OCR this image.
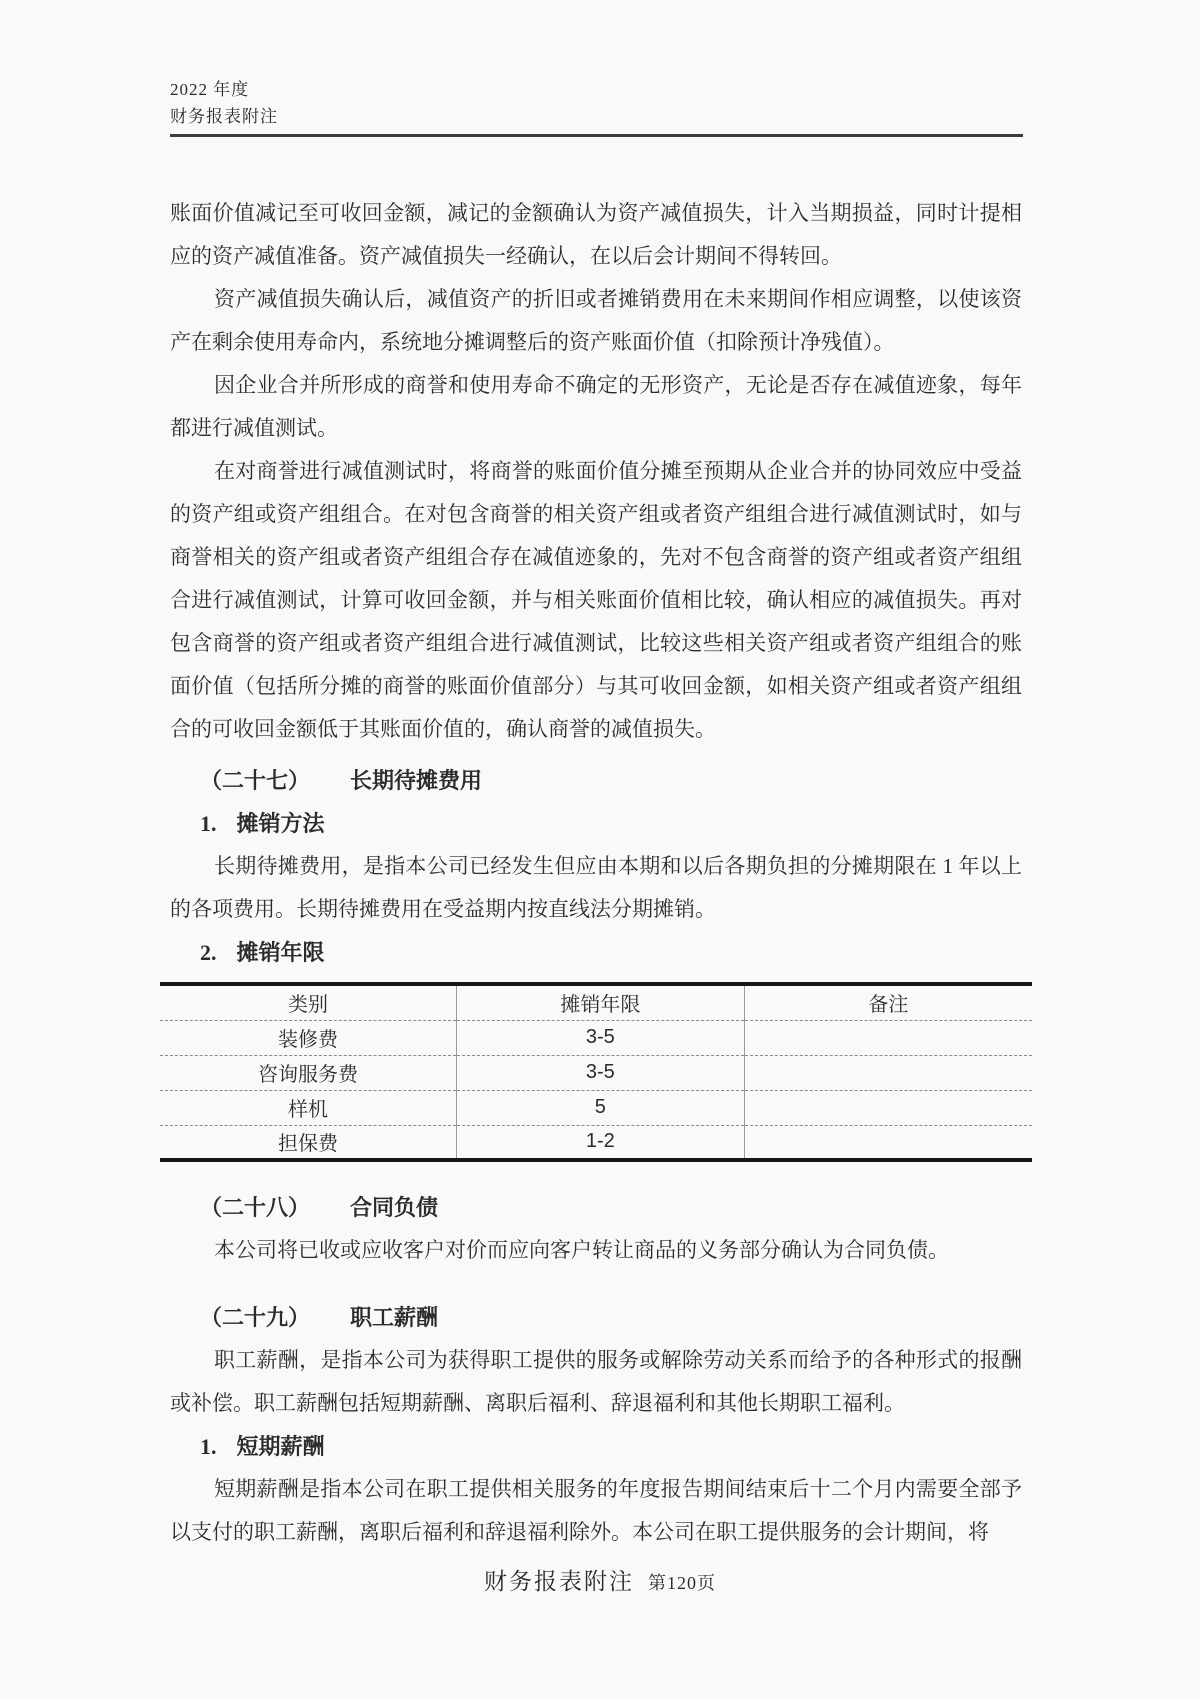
2022 年度
财务报表附注

账面价值减记至可收回金额，减记的金额确认为资产减值损失，计入当期损益，同时计提相应的资产减值准备。资产减值损失一经确认，在以后会计期间不得转回。

资产减值损失确认后，减值资产的折旧或者摊销费用在未来期间作相应调整，以使该资产在剩余使用寿命内，系统地分摊调整后的资产账面价值（扣除预计净残值）。

因企业合并所形成的商誉和使用寿命不确定的无形资产，无论是否存在减值迹象，每年都进行减值测试。

在对商誉进行减值测试时，将商誉的账面价值分摊至预期从企业合并的协同效应中受益的资产组或资产组组合。在对包含商誉的相关资产组或者资产组组合进行减值测试时，如与商誉相关的资产组或者资产组组合存在减值迹象的，先对不包含商誉的资产组或者资产组组合进行减值测试，计算可收回金额，并与相关账面价值相比较，确认相应的减值损失。再对包含商誉的资产组或者资产组组合进行减值测试，比较这些相关资产组或者资产组组合的账面价值（包括所分摊的商誉的账面价值部分）与其可收回金额，如相关资产组或者资产组组合的可收回金额低于其账面价值的，确认商誉的减值损失。

（二十七） 长期待摊费用
1. 摊销方法

长期待摊费用，是指本公司已经发生但应由本期和以后各期负担的分摊期限在 1 年以上的各项费用。长期待摊费用在受益期内按直线法分期摊销。

2. 摊销年限
类别	摊销年限	备注
装修费	3-5	
咨询服务费	3-5	
样机	5	
担保费	1-2	
（二十八） 合同负债

本公司将已收或应收客户对价而应向客户转让商品的义务部分确认为合同负债。

（二十九） 职工薪酬

职工薪酬，是指本公司为获得职工提供的服务或解除劳动关系而给予的各种形式的报酬或补偿。职工薪酬包括短期薪酬、离职后福利、辞退福利和其他长期职工福利。

1. 短期薪酬

短期薪酬是指本公司在职工提供相关服务的年度报告期间结束后十二个月内需要全部予以支付的职工薪酬，离职后福利和辞退福利除外。本公司在职工提供服务的会计期间，将

财务报表附注 第120页
